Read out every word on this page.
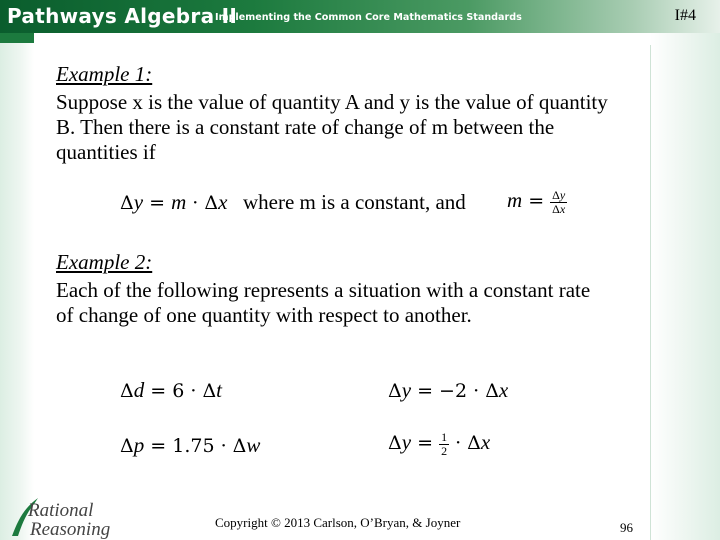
Pathways Algebra II
Implementing the Common Core Mathematics Standards	I#4
Example 1:
Suppose x is the value of quantity A and y is the value of quantity B. Then there is a constant rate of change of m between the quantities if
Δy = m · Δx where m is a constant, and $m = \frac{\Delta y}{\Delta x}$
Example 2:
Each of the following represents a situation with a constant rate of change of one quantity with respect to another.
Δd = 6 · Δt	Δy = −2 · Δx
Δp = 1.75 · Δw	$\Delta y = \frac{1}{2} \cdot \Delta x$
Rational
Reasoning	Copyright © 2013 Carlson, O’Bryan, & Joyner	96
